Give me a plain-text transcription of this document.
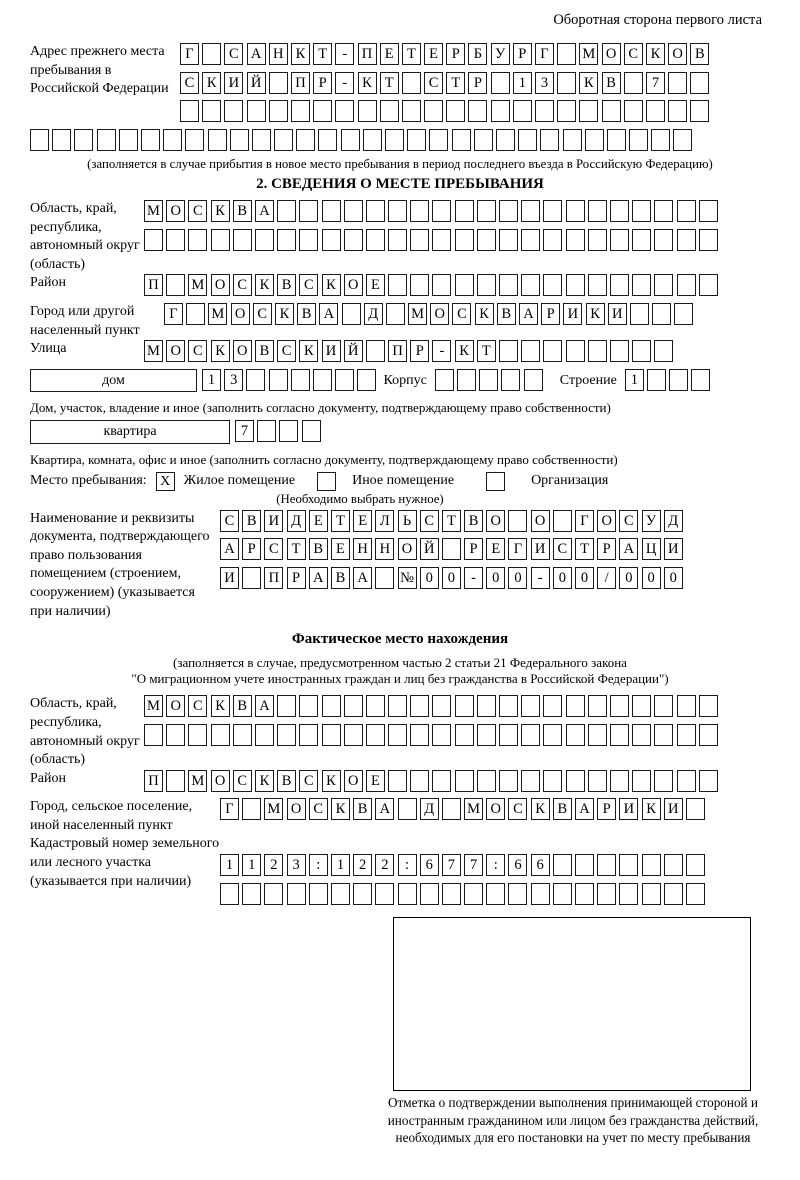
Оборотная сторона первого листа
Адрес прежнего места пребывания в Российской Федерации
Г С А Н К Т - П Е Т Е Р Б У Р Г М О С К О В
С К И Й П Р - К Т С Т Р	1 3 К В 7
(заполняется в случае прибытия в новое место пребывания в период последнего въезда в Российскую Федерацию)
2. СВЕДЕНИЯ О МЕСТЕ ПРЕБЫВАНИЯ
Область, край, республика, автономный округ (область)
М О С К В А
Район	П М О С К В С К О Е
Город или другой населенный пункт
Г М О С К В А Д М О С К В А Р И К И
Улица	М О С К О В С К И Й П Р - К Т
дом	1 3	Корпус	Строение 1
Дом, участок, владение и иное (заполнить согласно документу, подтверждающему право собственности)
квартира	7
Квартира, комната, офис и иное (заполнить согласно документу, подтверждающему право собственности)
Место пребывания: X Жилое помещение	Иное помещение	Организация
(Необходимо выбрать нужное)
Наименование и реквизиты документа, подтверждающего право пользования помещением (строением, сооружением) (указывается при наличии)
С В И Д Е Т Е Л Ь С Т В О О Г О С У Д
А Р С Т В Е Н Н О Й Р Е Г И С Т Р А Ц И
И П Р А В А № 0 0 - 0 0 - 0 0 / 0 0 0
Фактическое место нахождения
(заполняется в случае, предусмотренном частью 2 статьи 21 Федерального закона
"О миграционном учете иностранных граждан и лиц без гражданства в Российской Федерации")
Область, край, республика, автономный округ (область)
М О С К В А
Район	П М О С К В С К О Е
Город, сельское поселение, иной населенный пункт
Г М О С К В А Д М О С К В А Р И К И
Кадастровый номер земельного или лесного участка (указывается при наличии)
1 1 2 3 : 1 2 2 : 6 7 7 : 6 6
Отметка о подтверждении выполнения принимающей стороной и иностранным гражданином или лицом без гражданства действий, необходимых для его постановки на учет по месту пребывания
